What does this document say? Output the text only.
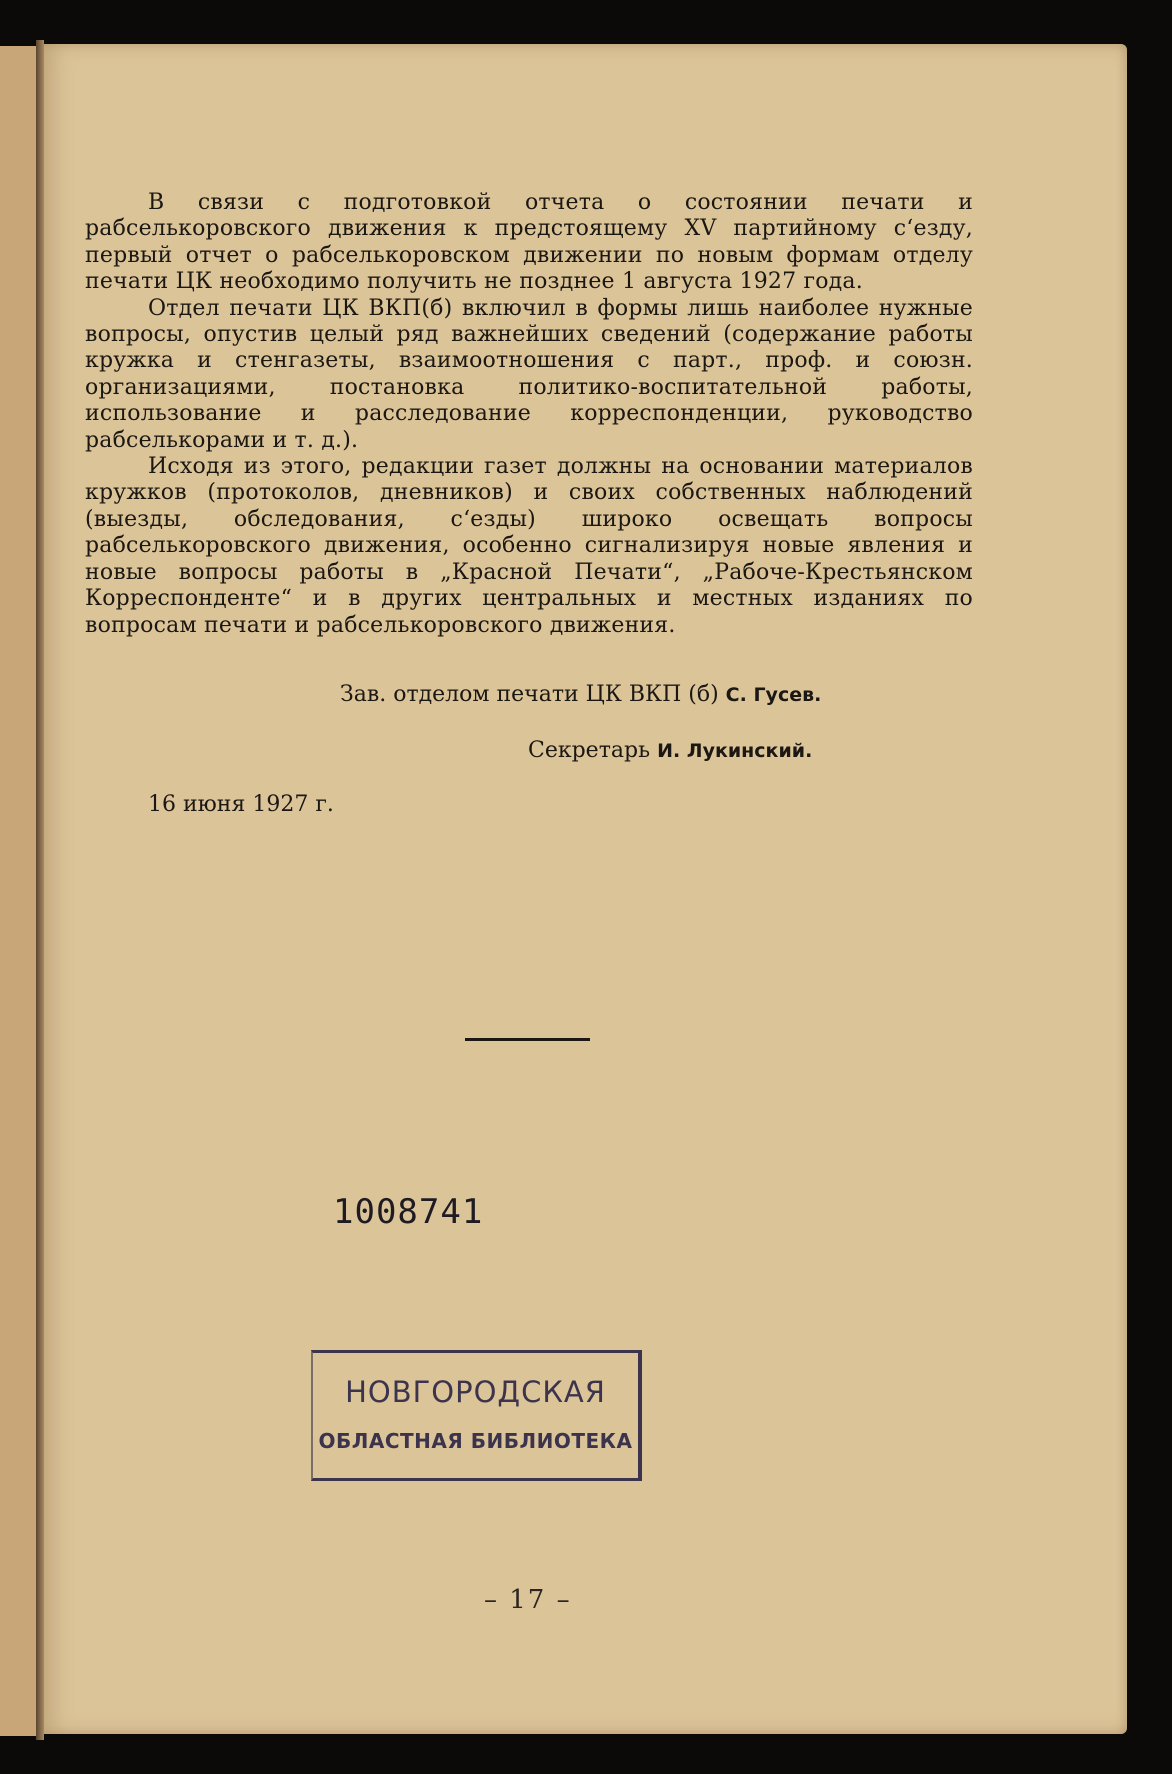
В связи с подготовкой отчета о состоянии печати и рабселькоровского движения к предстоящему XV партийному с‘езду, первый отчет о рабселькоровском движении по новым формам отделу печати ЦК необходимо получить не позднее 1 августа 1927 года.

Отдел печати ЦК ВКП(б) включил в формы лишь наиболее нужные вопросы, опустив целый ряд важнейших сведений (содержание работы кружка и стенгазеты, взаимоотношения с парт., проф. и союзн. организациями, постановка политико-воспитательной работы, использование и расследование корреспонденции, руководство рабселькорами и т. д.).

Исходя из этого, редакции газет должны на основании материалов кружков (протоколов, дневников) и своих собственных наблюдений (выезды, обследования, с‘езды) широко освещать вопросы рабселькоровского движения, особенно сигнализируя новые явления и новые вопросы работы в „Красной Печати“, „Рабоче-Крестьянском Корреспонденте“ и в других центральных и местных изданиях по вопросам печати и рабселькоровского движения.

Зав. отделом печати ЦК ВКП (б) С. Гусев.
Секретарь И. Лукинский.
16 июня 1927 г.
1008741
НОВГОРОДСКАЯ
ОБЛАСТНАЯ БИБЛИОТЕКА
– 17 –
